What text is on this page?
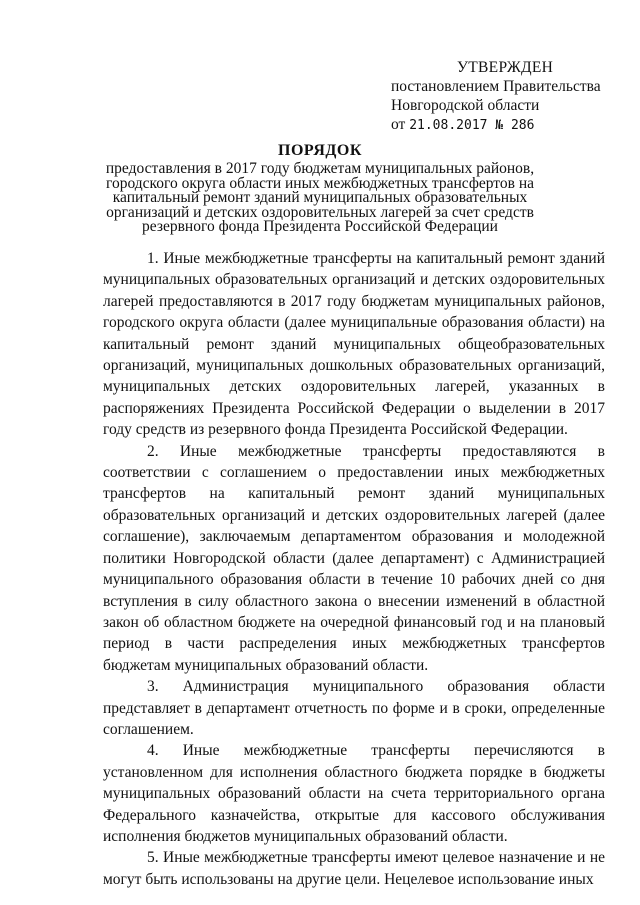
УТВЕРЖДЕН
постановлением Правительства
Новгородской области
от 21.08.2017 № 286
ПОРЯДОК
предоставления в 2017 году бюджетам муниципальных районов, городского округа области иных межбюджетных трансфертов на капитальный ремонт зданий муниципальных образовательных организаций и детских оздоровительных лагерей за счет средств резервного фонда Президента Российской Федерации

1. Иные межбюджетные трансферты на капитальный ремонт зданий муниципальных образовательных организаций и детских оздоровительных лагерей предоставляются в 2017 году бюджетам муниципальных районов, городского округа области (далее муниципальные образования области) на капитальный ремонт зданий муниципальных общеобразовательных организаций, муниципальных дошкольных образовательных организаций, муниципальных детских оздоровительных лагерей, указанных в распоряжениях Президента Российской Федерации о выделении в 2017 году средств из резервного фонда Президента Российской Федерации.

2. Иные межбюджетные трансферты предоставляются в соответствии с соглашением о предоставлении иных межбюджетных трансфертов на капитальный ремонт зданий муниципальных образовательных организаций и детских оздоровительных лагерей (далее соглашение), заключаемым департаментом образования и молодежной политики Новгородской области (далее департамент) с Администрацией муниципального образования области в течение 10 рабочих дней со дня вступления в силу областного закона о внесении изменений в областной закон об областном бюджете на очередной финансовый год и на плановый период в части распределения иных межбюджетных трансфертов бюджетам муниципальных образований области.

3. Администрация муниципального образования области представляет в департамент отчетность по форме и в сроки, определенные соглашением.

4. Иные межбюджетные трансферты перечисляются в установленном для исполнения областного бюджета порядке в бюджеты муниципальных образований области на счета территориального органа Федерального казначейства, открытые для кассового обслуживания исполнения бюджетов муниципальных образований области.

5. Иные межбюджетные трансферты имеют целевое назначение и не могут быть использованы на другие цели. Нецелевое использование иных
